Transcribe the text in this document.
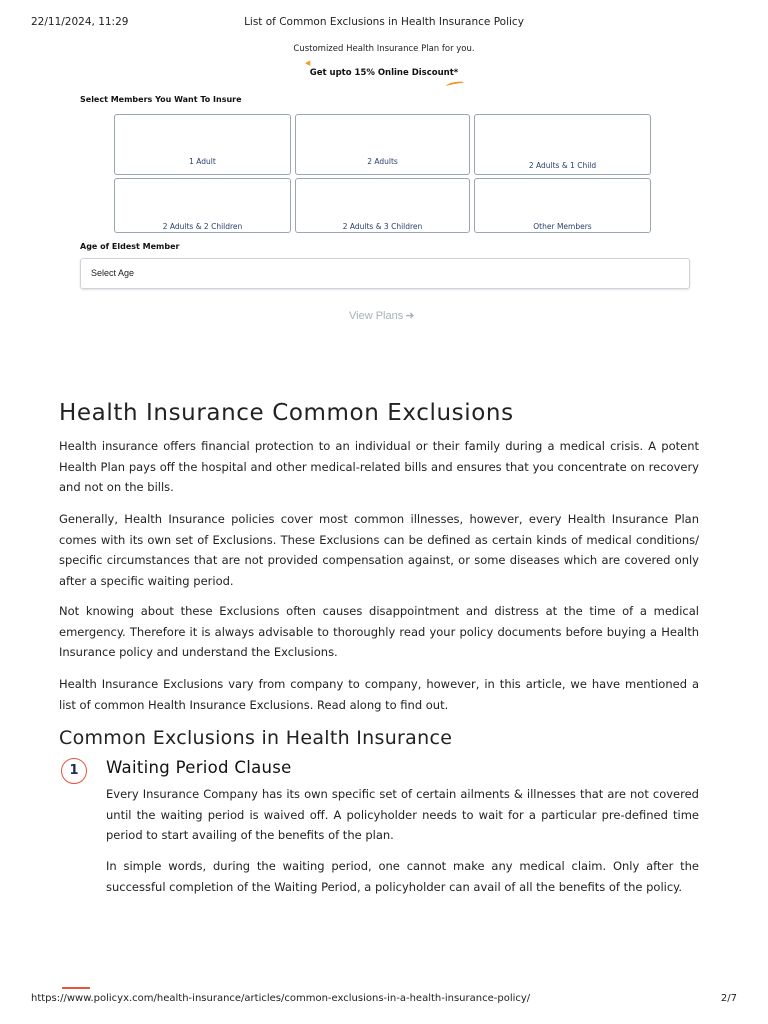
22/11/2024, 11:29	List of Common Exclusions in Health Insurance Policy
Customized Health Insurance Plan for you.
Get upto 15% Online Discount*
Select Members You Want To Insure
1 Adult	2 Adults	2 Adults & 1 Child
2 Adults & 2 Children	2 Adults & 3 Children	Other Members
Age of Eldest Member
Select Age
View Plans ➜
Health Insurance Common Exclusions

Health insurance offers financial protection to an individual or their family during a medical crisis. A potent Health Plan pays off the hospital and other medical-related bills and ensures that you concentrate on recovery and not on the bills.

Generally, Health Insurance policies cover most common illnesses, however, every Health Insurance Plan comes with its own set of Exclusions. These Exclusions can be defined as certain kinds of medical conditions/ specific circumstances that are not provided compensation against, or some diseases which are covered only after a specific waiting period.

Not knowing about these Exclusions often causes disappointment and distress at the time of a medical emergency. Therefore it is always advisable to thoroughly read your policy documents before buying a Health Insurance policy and understand the Exclusions.

Health Insurance Exclusions vary from company to company, however, in this article, we have mentioned a list of common Health Insurance Exclusions. Read along to find out.

Common Exclusions in Health Insurance
1	Waiting Period Clause

Every Insurance Company has its own specific set of certain ailments & illnesses that are not covered until the waiting period is waived off. A policyholder needs to wait for a particular pre-defined time period to start availing of the benefits of the plan.

In simple words, during the waiting period, one cannot make any medical claim. Only after the successful completion of the Waiting Period, a policyholder can avail of all the benefits of the policy.

https://www.policyx.com/health-insurance/articles/common-exclusions-in-a-health-insurance-policy/	2/7
